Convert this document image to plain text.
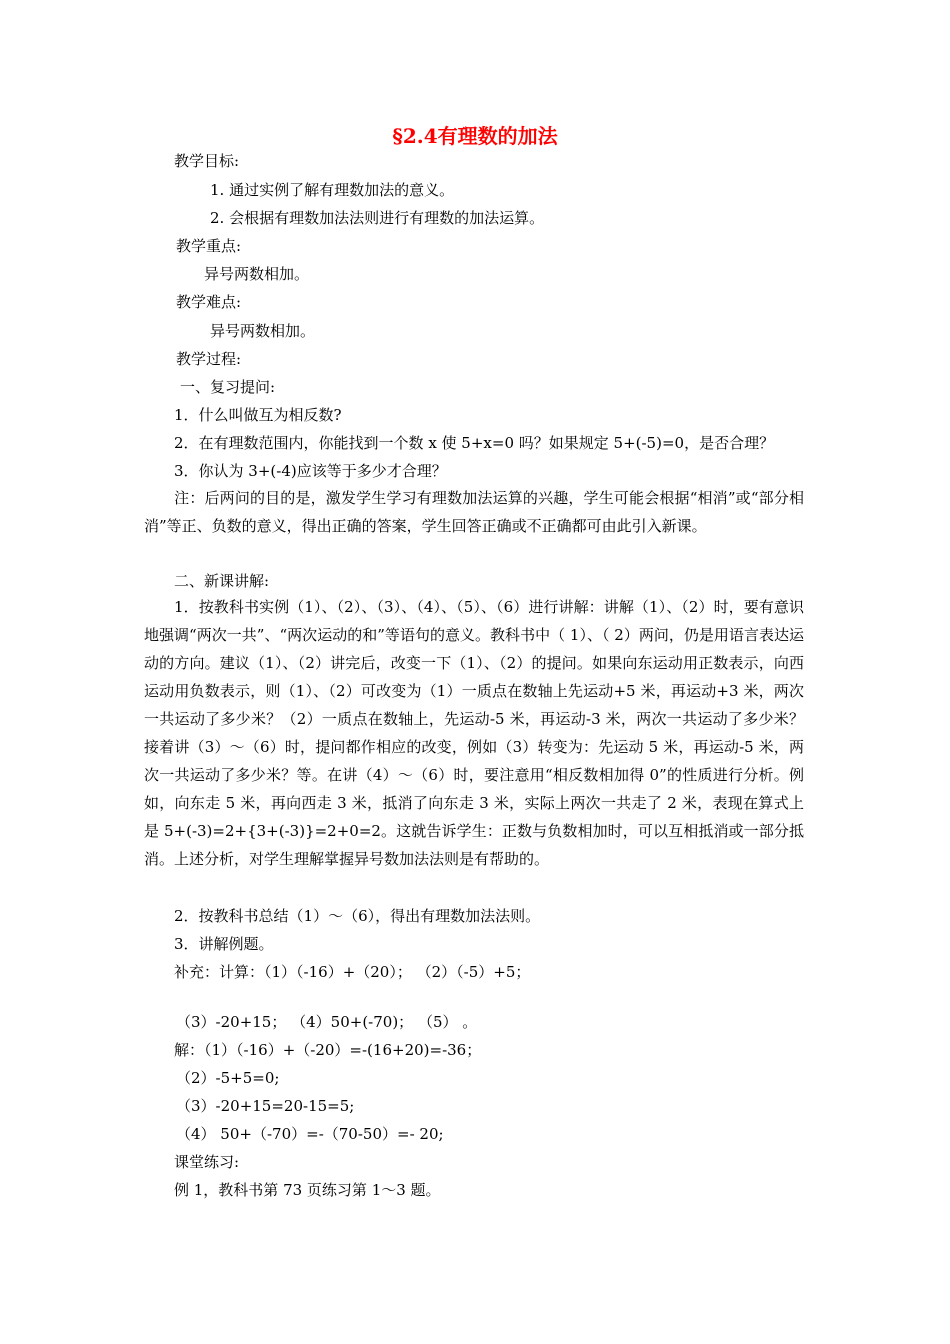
§2.4有理数的加法
教学目标:
1. 通过实例了解有理数加法的意义。
2. 会根据有理数加法法则进行有理数的加法运算。
教学重点:
异号两数相加。
教学难点:
异号两数相加。
教学过程:
一、复习提问:
1．什么叫做互为相反数?
2．在有理数范围内，你能找到一个数 x 使 5+x=0 吗？如果规定 5+(-5)=0，是否合理？
3．你认为 3+(-4)应该等于多少才合理？
注：后两问的目的是，激发学生学习有理数加法运算的兴趣，学生可能会根据“相消”或“部分相消”等正、负数的意义，得出正确的答案，学生回答正确或不正确都可由此引入新课。
二、新课讲解:
1．按教科书实例（1）、（2）、（3）、（4）、（5）、（6）进行讲解：讲解（1）、（2）时，要有意识地强调“两次一共”、“两次运动的和”等语句的意义。教科书中（ 1）、（ 2）两问，仍是用语言表达运动的方向。建议（1）、（2）讲完后，改变一下（1）、（2）的提问。如果向东运动用正数表示，向西运动用负数表示，则（1）、（2）可改变为（1）一质点在数轴上先运动+5 米，再运动+3 米，两次一共运动了多少米？（2）一质点在数轴上，先运动-5 米，再运动-3 米，两次一共运动了多少米？接着讲（3）～（6）时，提问都作相应的改变，例如（3）转变为：先运动 5 米，再运动-5 米，两次一共运动了多少米？等。在讲（4）～（6）时，要注意用“相反数相加得 0”的性质进行分析。例如，向东走 5 米，再向西走 3 米，抵消了向东走 3 米，实际上两次一共走了 2 米，表现在算式上是 5+(-3)=2+{3+(-3)}=2+0=2。这就告诉学生：正数与负数相加时，可以互相抵消或一部分抵消。上述分析，对学生理解掌握异号数加法法则是有帮助的。
2．按教科书总结（1）～（6），得出有理数加法法则。
3．讲解例题。
补充：计算：（1）（-16）+（20）； （2）（-5）+5；
（3）-20+15； （4）50+(-70)； （5） 。
解：（1）（-16）+（-20）=-(16+20)=-36；
（2）-5+5=0;
（3）-20+15=20-15=5;
（4） 50+（-70）=-（70-50）=- 20;
课堂练习:
例 1，教科书第 73 页练习第 1～3 题。
